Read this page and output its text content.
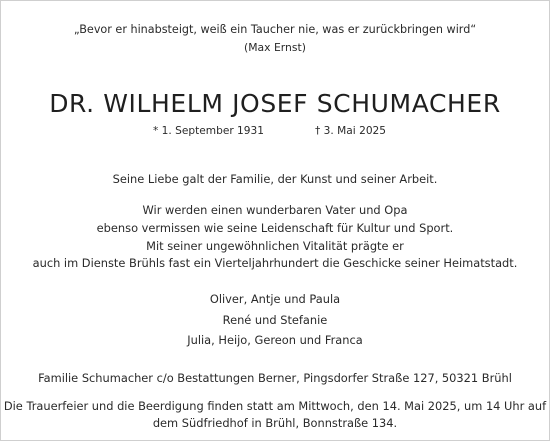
„Bevor er hinabsteigt, weiß ein Taucher nie, was er zurückbringen wird“
(Max Ernst)
DR. WILHELM JOSEF SCHUMACHER
* 1. September 1931	† 3. Mai 2025
Seine Liebe galt der Familie, der Kunst und seiner Arbeit.
Wir werden einen wunderbaren Vater und Opa
ebenso vermissen wie seine Leidenschaft für Kultur und Sport.
Mit seiner ungewöhnlichen Vitalität prägte er
auch im Dienste Brühls fast ein Vierteljahrhundert die Geschicke seiner Heimatstadt.
Oliver, Antje und Paula
René und Stefanie
Julia, Heijo, Gereon und Franca
Familie Schumacher c/o Bestattungen Berner, Pingsdorfer Straße 127, 50321 Brühl
Die Trauerfeier und die Beerdigung finden statt am Mittwoch, den 14. Mai 2025, um 14 Uhr auf
dem Südfriedhof in Brühl, Bonnstraße 134.
